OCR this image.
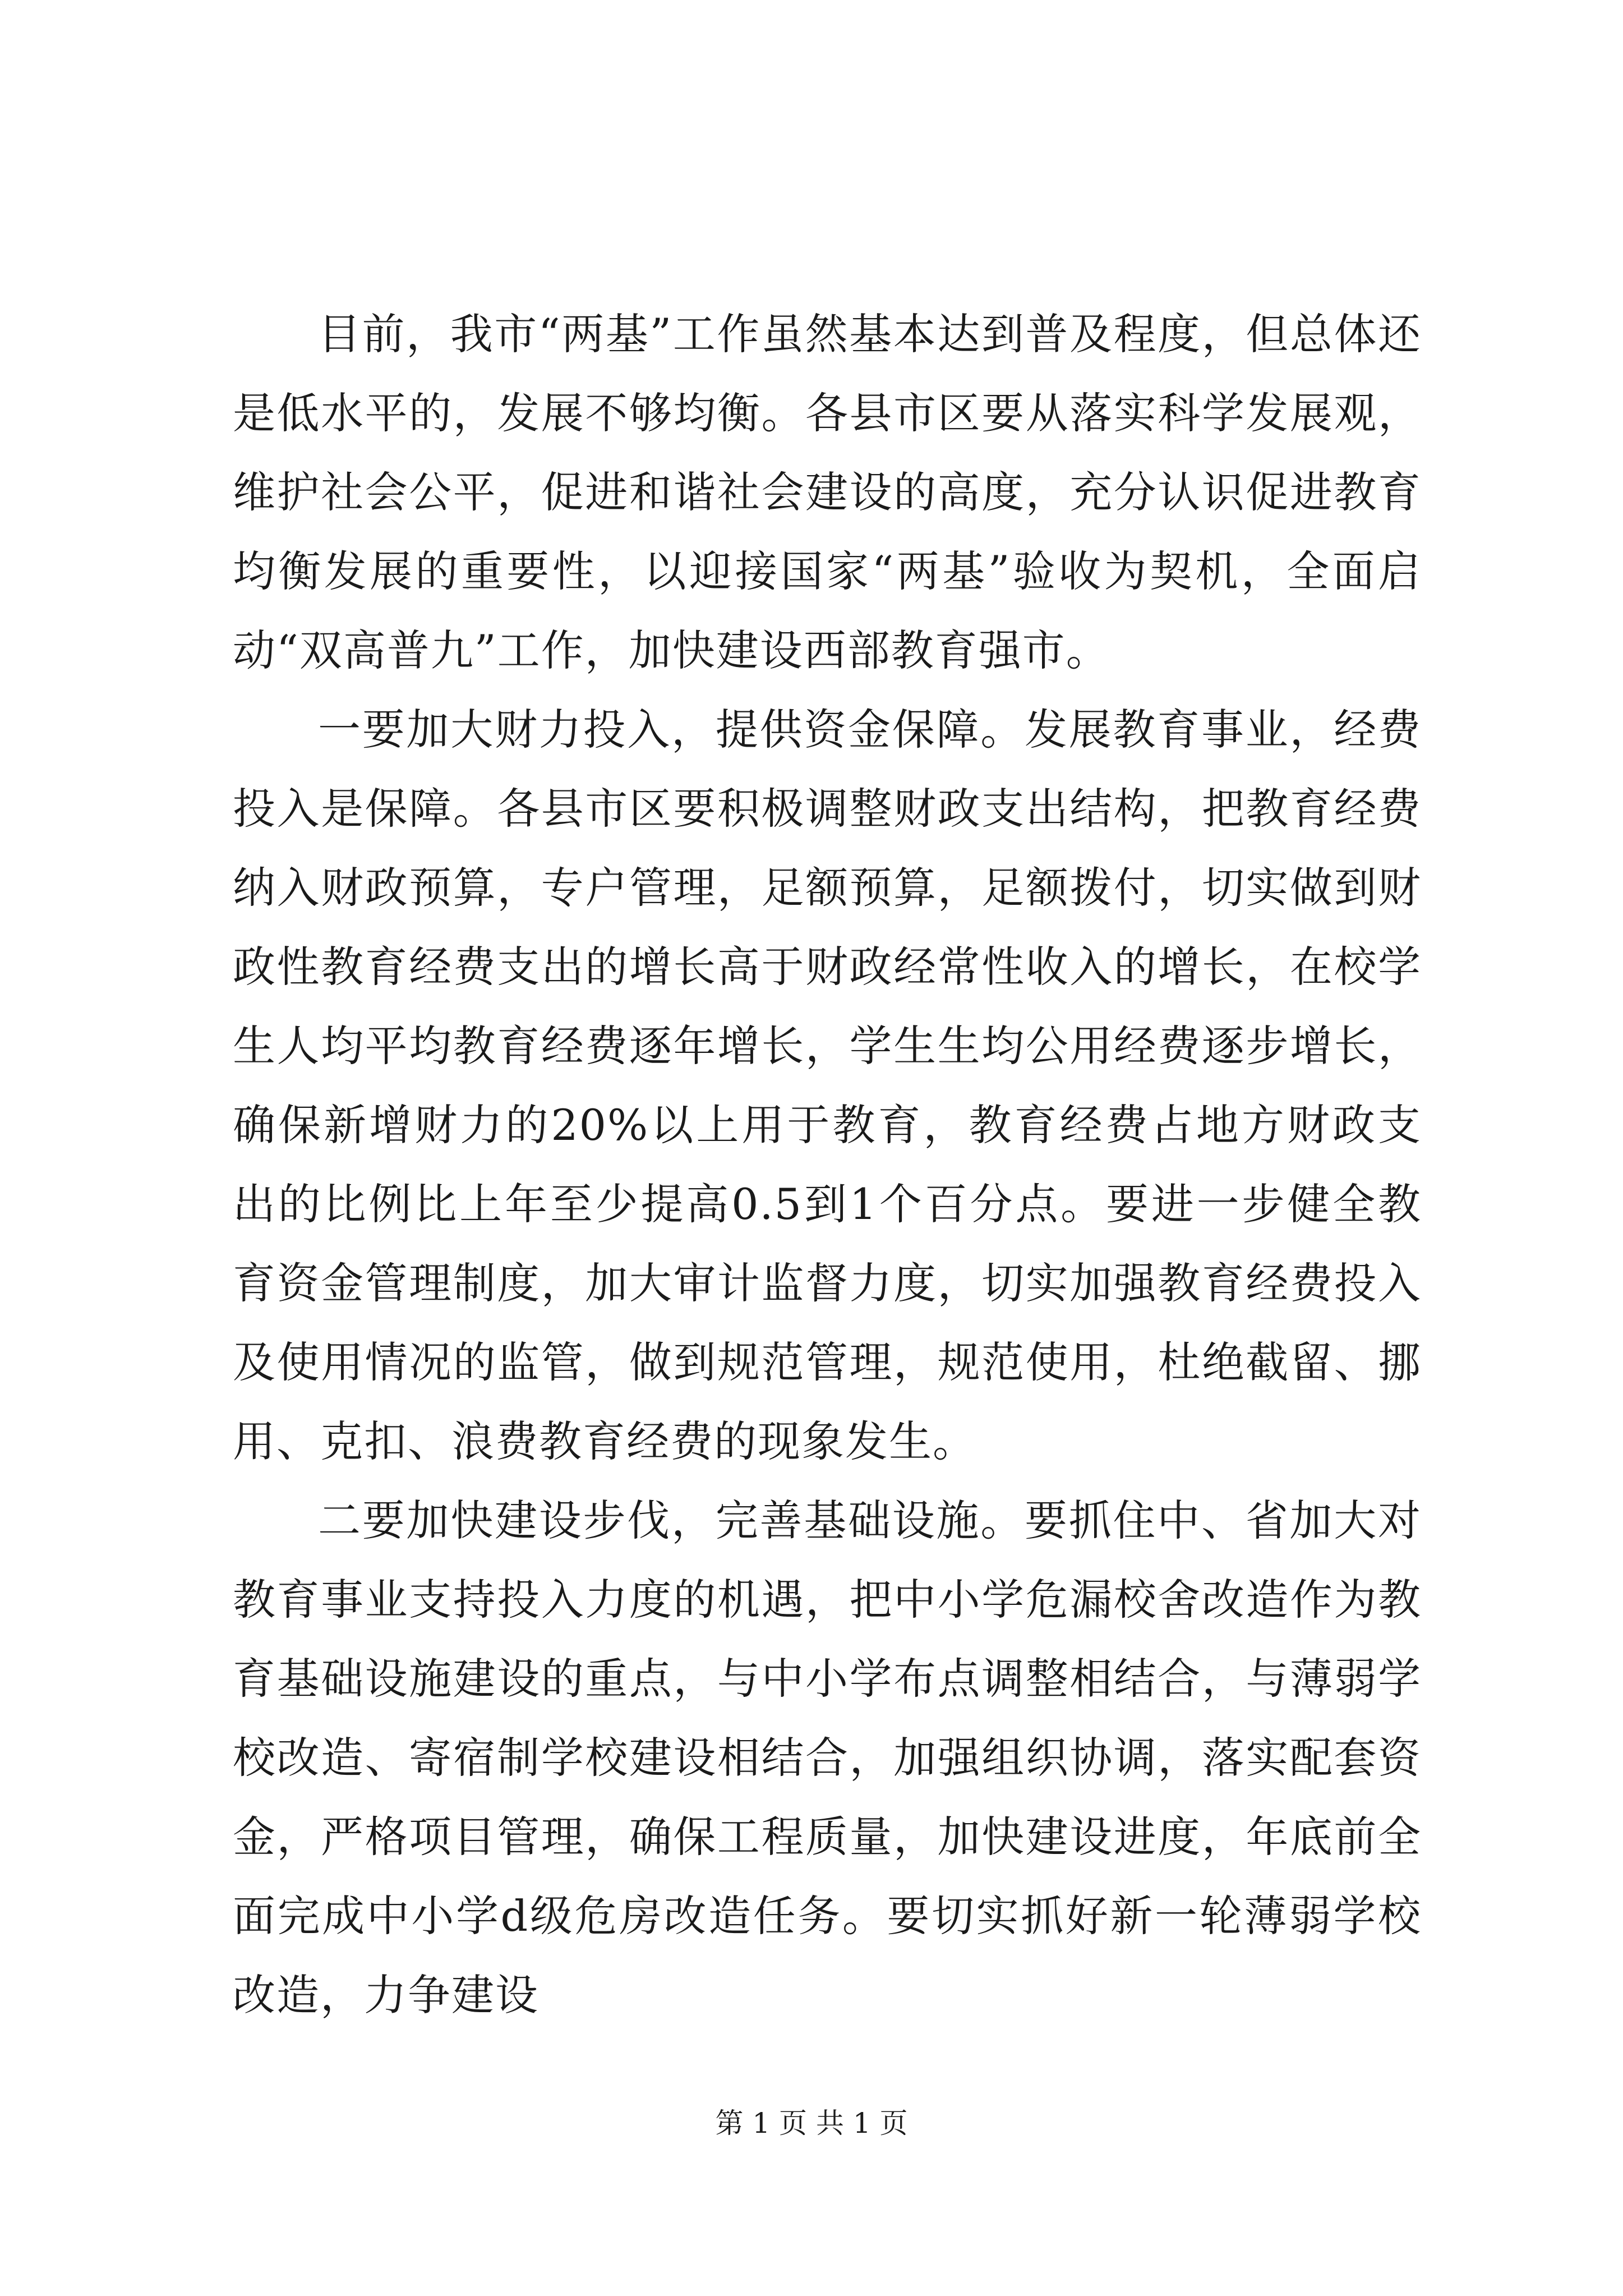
目前，我市“两基”工作虽然基本达到普及程度，但总体还是低水平的，发展不够均衡。各县市区要从落实科学发展观，维护社会公平，促进和谐社会建设的高度，充分认识促进教育均衡发展的重要性，以迎接国家“两基”验收为契机，全面启动“双高普九”工作，加快建设西部教育强市。

一要加大财力投入，提供资金保障。发展教育事业，经费投入是保障。各县市区要积极调整财政支出结构，把教育经费纳入财政预算，专户管理，足额预算，足额拨付，切实做到财政性教育经费支出的增长高于财政经常性收入的增长，在校学生人均平均教育经费逐年增长，学生生均公用经费逐步增长，确保新增财力的20%以上用于教育，教育经费占地方财政支出的比例比上年至少提高0.5到1个百分点。要进一步健全教育资金管理制度，加大审计监督力度，切实加强教育经费投入及使用情况的监管，做到规范管理，规范使用，杜绝截留、挪用、克扣、浪费教育经费的现象发生。

二要加快建设步伐，完善基础设施。要抓住中、省加大对教育事业支持投入力度的机遇，把中小学危漏校舍改造作为教育基础设施建设的重点，与中小学布点调整相结合，与薄弱学校改造、寄宿制学校建设相结合，加强组织协调，落实配套资金，严格项目管理，确保工程质量，加快建设进度，年底前全面完成中小学d级危房改造任务。要切实抓好新一轮薄弱学校改造，力争建设

第 1 页 共 1 页
